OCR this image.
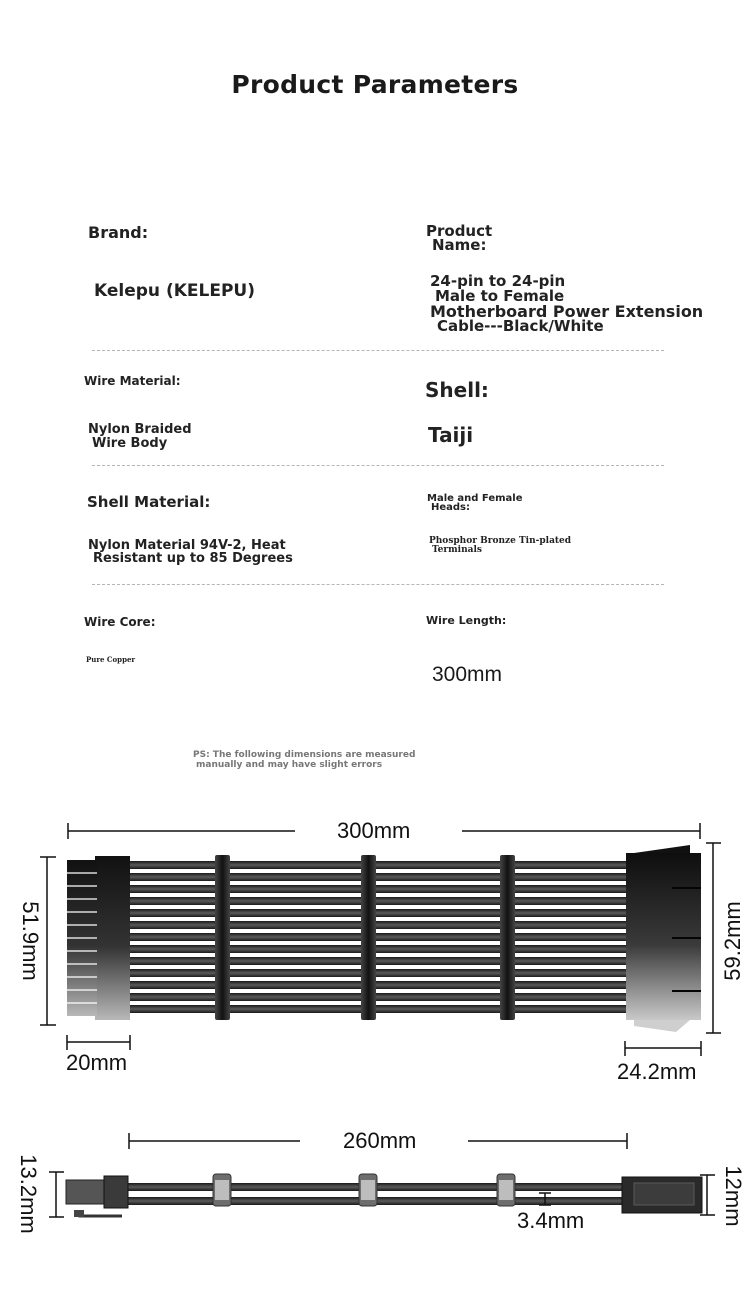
Product Parameters
Brand:
Kelepu (KELEPU)
Product
Name:
24-pin to 24-pin
Male to Female
Motherboard Power Extension
Cable---Black/White
Wire Material:
Nylon Braided
Wire Body
Shell:
Taiji
Shell Material:
Nylon Material 94V-2, Heat
Resistant up to 85 Degrees
Male and Female
Heads:
Phosphor Bronze Tin-plated
Terminals
Wire Core:
Pure Copper
Wire Length:
300mm
PS: The following dimensions are measured
manually and may have slight errors
300mm
51.9mm	59.2mm
20mm	24.2mm
260mm
13.2mm	12mm
3.4mm
